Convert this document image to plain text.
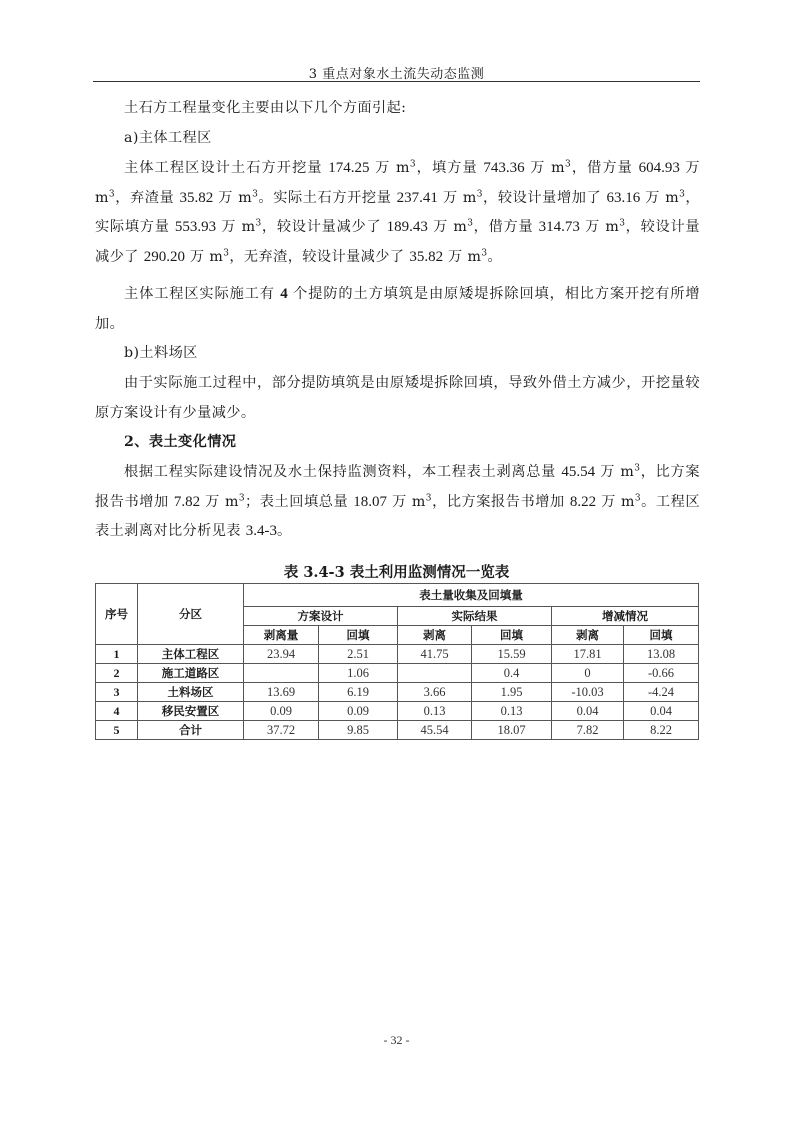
3 重点对象水土流失动态监测
土石方工程量变化主要由以下几个方面引起:
a)主体工程区
主体工程区设计土石方开挖量 174.25 万 $m^3$，填方量 743.36 万 $m^3$，借方量 604.93 万 $m^3$，弃渣量 35.82 万 $m^3$。实际土石方开挖量 237.41 万 $m^3$，较设计量增加了 63.16 万 $m^3$，实际填方量 553.93 万 $m^3$，较设计量减少了 189.43 万 $m^3$，借方量 314.73 万 $m^3$，较设计量减少了 290.20 万 $m^3$，无弃渣，较设计量减少了 35.82 万 $m^3$。
主体工程区实际施工有 4 个提防的土方填筑是由原矮堤拆除回填，相比方案开挖有所增加。
b)土料场区
由于实际施工过程中，部分提防填筑是由原矮堤拆除回填，导致外借土方减少，开挖量较原方案设计有少量减少。
2、表土变化情况
根据工程实际建设情况及水土保持监测资料，本工程表土剥离总量 45.54 万 $m^3$，比方案报告书增加 7.82 万 $m^3$；表土回填总量 18.07 万 $m^3$，比方案报告书增加 8.22 万 $m^3$。工程区表土剥离对比分析见表 3.4-3。
表 3.4-3 表土利用监测情况一览表
序号	分区	表土量收集及回填量					
		方案设计		实际结果		增减情况	
		剥离量	回填	剥离	回填	剥离	回填
1	主体工程区	23.94	2.51	41.75	15.59	17.81	13.08
2	施工道路区		1.06		0.4	0	-0.66
3	土料场区	13.69	6.19	3.66	1.95	-10.03	-4.24
4	移民安置区	0.09	0.09	0.13	0.13	0.04	0.04
5	合计	37.72	9.85	45.54	18.07	7.82	8.22
- 32 -
